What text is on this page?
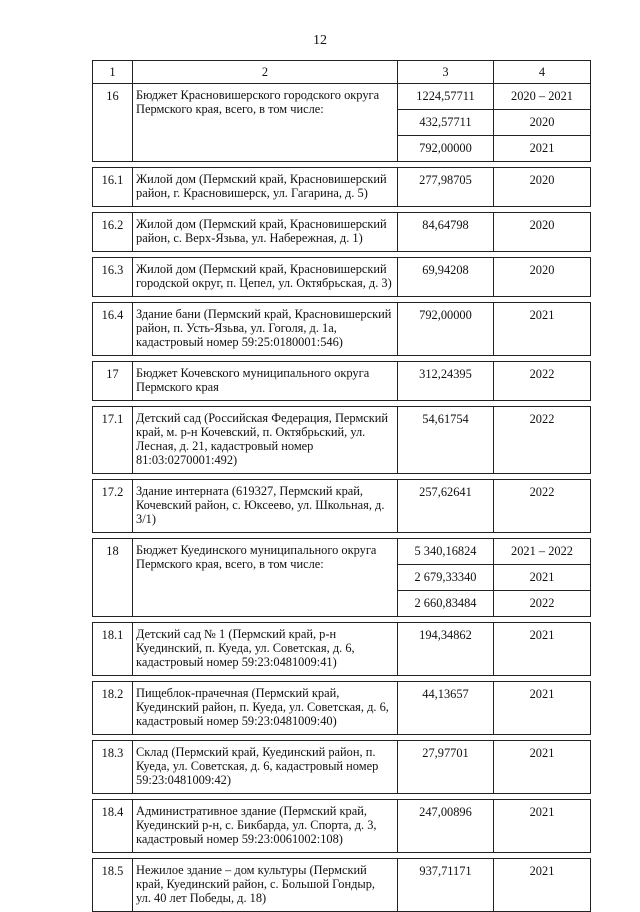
12
1	2	3	4
16	Бюджет Красновишерского городского округа Пермского края, всего, в том числе:	1224,57711	2020 – 2021
		432,57711	2020
		792,00000	2021

16.1	Жилой дом (Пермский край, Красновишерский район, г. Красновишерск, ул. Гагарина, д. 5)	277,98705	2020

16.2	Жилой дом (Пермский край, Красновишерский район, с. Верх-Язьва, ул. Набережная, д. 1)	84,64798	2020

16.3	Жилой дом (Пермский край, Красновишерский городской округ, п. Цепел, ул. Октябрьская, д. 3)	69,94208	2020

16.4	Здание бани (Пермский край, Красновишерский район, п. Усть-Язьва, ул. Гоголя, д. 1а, кадастровый номер 59:25:0180001:546)	792,00000	2021

17	Бюджет Кочевского муниципального округа Пермского края	312,24395	2022

17.1	Детский сад (Российская Федерация, Пермский край, м. р-н Кочевский, п. Октябрьский, ул. Лесная, д. 21, кадастровый номер 81:03:0270001:492)	54,61754	2022

17.2	Здание интерната (619327, Пермский край, Кочевский район, с. Юксеево, ул. Школьная, д. 3/1)	257,62641	2022

18	Бюджет Куединского муниципального округа Пермского края, всего, в том числе:	5 340,16824	2021 – 2022
		2 679,33340	2021
		2 660,83484	2022

18.1	Детский сад № 1 (Пермский край, р-н Куединский, п. Куеда, ул. Советская, д. 6, кадастровый номер 59:23:0481009:41)	194,34862	2021

18.2	Пищеблок-прачечная (Пермский край, Куединский район, п. Куеда, ул. Советская, д. 6, кадастровый номер 59:23:0481009:40)	44,13657	2021

18.3	Склад (Пермский край, Куединский район, п. Куеда, ул. Советская, д. 6, кадастровый номер 59:23:0481009:42)	27,97701	2021

18.4	Административное здание (Пермский край, Куединский р-н, с. Бикбарда, ул. Спорта, д. 3, кадастровый номер 59:23:0061002:108)	247,00896	2021

18.5	Нежилое здание – дом культуры (Пермский край, Куединский район, с. Большой Гондыр, ул. 40 лет Победы, д. 18)	937,71171	2021
